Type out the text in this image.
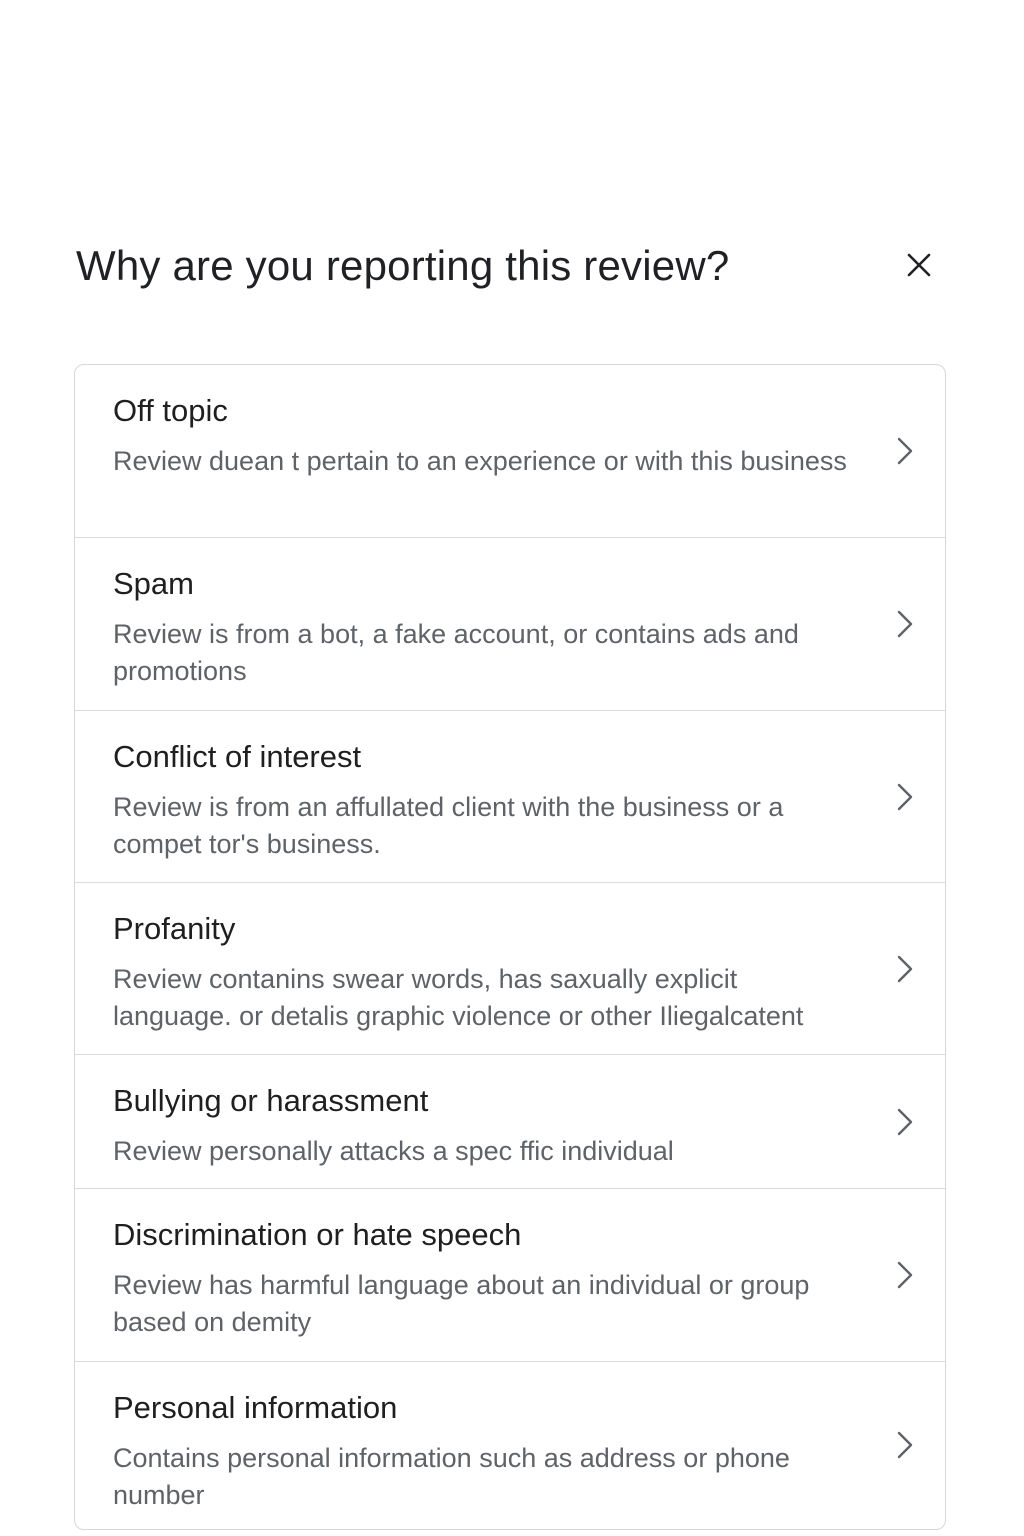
Why are you reporting this review?
Off topic
Review duean t pertain to an experience or with this business
Spam
Review is from a bot, a fake account, or contains ads and promotions
Conflict of interest
Review is from an affullated client with the business or a compet tor's business.
Profanity
Review contanins swear words, has saxually explicit language. or detalis graphic violence or other Iliegalcatent
Bullying or harassment
Review personally attacks a spec ffic individual
Discrimination or hate speech
Review has harmful language about an individual or group based on demity
Personal information
Contains personal information such as address or phone number
